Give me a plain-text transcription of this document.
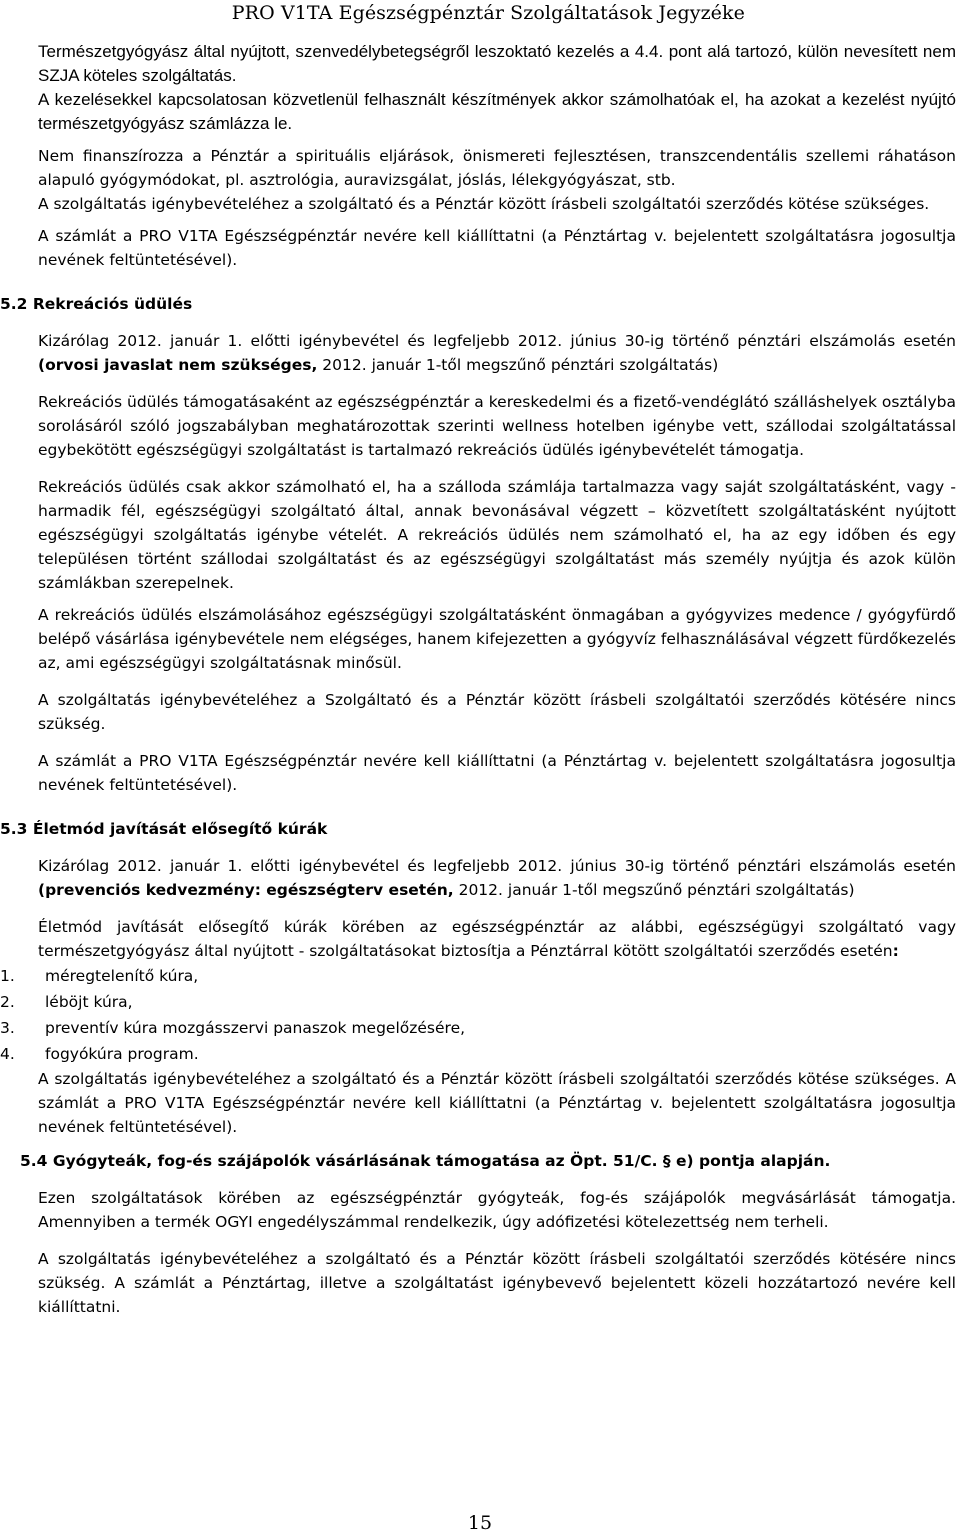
PRO V1TA Egészségpénztár Szolgáltatások Jegyzéke

Természetgyógyász által nyújtott, szenvedélybetegségről leszoktató kezelés a 4.4. pont alá tartozó, külön nevesített nem SZJA köteles szolgáltatás.

A kezelésekkel kapcsolatosan közvetlenül felhasznált készítmények akkor számolhatóak el, ha azokat a kezelést nyújtó természetgyógyász számlázza le.

Nem finanszírozza a Pénztár a spirituális eljárások, önismereti fejlesztésen, transzcendentális szellemi ráhatáson alapuló gyógymódokat, pl. asztrológia, auravizsgálat, jóslás, lélekgyógyászat, stb.

A szolgáltatás igénybevételéhez a szolgáltató és a Pénztár között írásbeli szolgáltatói szerződés kötése szükséges.

A számlát a PRO V1TA Egészségpénztár nevére kell kiállíttatni (a Pénztártag v. bejelentett szolgáltatásra jogosultja nevének feltüntetésével).

5.2 Rekreációs üdülés

Kizárólag 2012. január 1. előtti igénybevétel és legfeljebb 2012. június 30-ig történő pénztári elszámolás esetén (orvosi javaslat nem szükséges, 2012. január 1-től megszűnő pénztári szolgáltatás)

Rekreációs üdülés támogatásaként az egészségpénztár a kereskedelmi és a fizető-vendéglátó szálláshelyek osztályba sorolásáról szóló jogszabályban meghatározottak szerinti wellness hotelben igénybe vett, szállodai szolgáltatással egybekötött egészségügyi szolgáltatást is tartalmazó rekreációs üdülés igénybevételét támogatja.

Rekreációs üdülés csak akkor számolható el, ha a szálloda számlája tartalmazza vagy saját szolgáltatásként, vagy - harmadik fél, egészségügyi szolgáltató által, annak bevonásával végzett – közvetített szolgáltatásként nyújtott egészségügyi szolgáltatás igénybe vételét. A rekreációs üdülés nem számolható el, ha az egy időben és egy településen történt szállodai szolgáltatást és az egészségügyi szolgáltatást más személy nyújtja és azok külön számlákban szerepelnek.

A rekreációs üdülés elszámolásához egészségügyi szolgáltatásként önmagában a gyógyvizes medence / gyógyfürdő belépő vásárlása igénybevétele nem elégséges, hanem kifejezetten a gyógyvíz felhasználásával végzett fürdőkezelés az, ami egészségügyi szolgáltatásnak minősül.

A szolgáltatás igénybevételéhez a Szolgáltató és a Pénztár között írásbeli szolgáltatói szerződés kötésére nincs szükség.

A számlát a PRO V1TA Egészségpénztár nevére kell kiállíttatni (a Pénztártag v. bejelentett szolgáltatásra jogosultja nevének feltüntetésével).

5.3 Életmód javítását elősegítő kúrák

Kizárólag 2012. január 1. előtti igénybevétel és legfeljebb 2012. június 30-ig történő pénztári elszámolás esetén (prevenciós kedvezmény: egészségterv esetén, 2012. január 1-től megszűnő pénztári szolgáltatás)

Életmód javítását elősegítő kúrák körében az egészségpénztár az alábbi, egészségügyi szolgáltató vagy természetgyógyász által nyújtott - szolgáltatásokat biztosítja a Pénztárral kötött szolgáltatói szerződés esetén:

1.	méregtelenítő kúra,
2.	léböjt kúra,
3.	preventív kúra mozgásszervi panaszok megelőzésére,
4.	fogyókúra program.

A szolgáltatás igénybevételéhez a szolgáltató és a Pénztár között írásbeli szolgáltatói szerződés kötése szükséges. A számlát a PRO V1TA Egészségpénztár nevére kell kiállíttatni (a Pénztártag v. bejelentett szolgáltatásra jogosultja nevének feltüntetésével).

5.4 Gyógyteák, fog-és szájápolók vásárlásának támogatása az Öpt. 51/C. § e) pontja alapján.

Ezen szolgáltatások körében az egészségpénztár gyógyteák, fog-és szájápolók megvásárlását támogatja. Amennyiben a termék OGYI engedélyszámmal rendelkezik, úgy adófizetési kötelezettség nem terheli.

A szolgáltatás igénybevételéhez a szolgáltató és a Pénztár között írásbeli szolgáltatói szerződés kötésére nincs szükség. A számlát a Pénztártag, illetve a szolgáltatást igénybevevő bejelentett közeli hozzátartozó nevére kell kiállíttatni.

15
